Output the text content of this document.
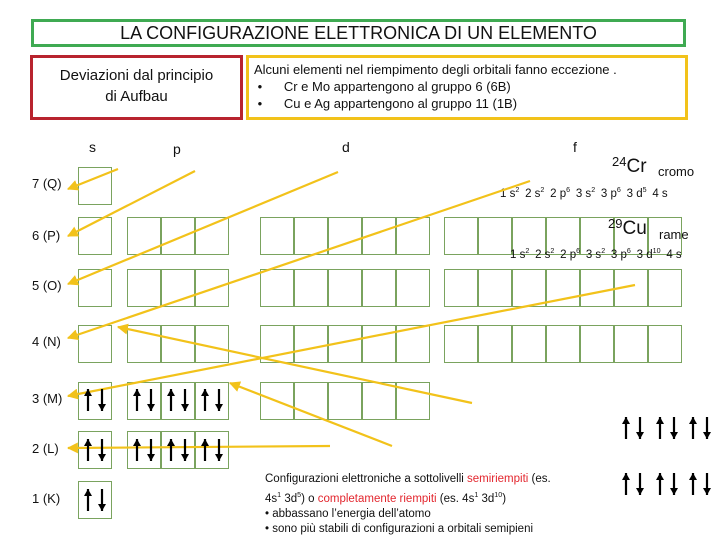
LA CONFIGURAZIONE ELETTRONICA DI UN ELEMENTO
Deviazioni dal principio
di Aufbau
Alcuni elementi nel riempimento degli orbitali fanno eccezione .
•      Cr e Mo appartengono al gruppo 6 (6B)
•      Cu e Ag appartengono al gruppo 11 (1B)
s	p	d	f
7 (Q)
6 (P)
5 (O)
4 (N)
3 (M)
2 (L)
1 (K)
$^{24}$Cr cromo
1 $s^2$  2 $s^2$  2 $p^6$  3 $s^2$  3 $p^6$  3 $d^5$  4 s
$^{29}$Cu rame
1 $s^2$  2 $s^2$  2 $p^6$  3 $s^2$  3 $p^6$  3 $d^{10}$  4 s
Configurazioni elettroniche a sottolivelli semiriempiti (es.
$4s^1$ $3d^5$) o completamente riempiti (es. $4s^1$ $3d^{10}$)
• abbassano l’energia dell’atomo
• sono più stabili di configurazioni a orbitali semipieni
